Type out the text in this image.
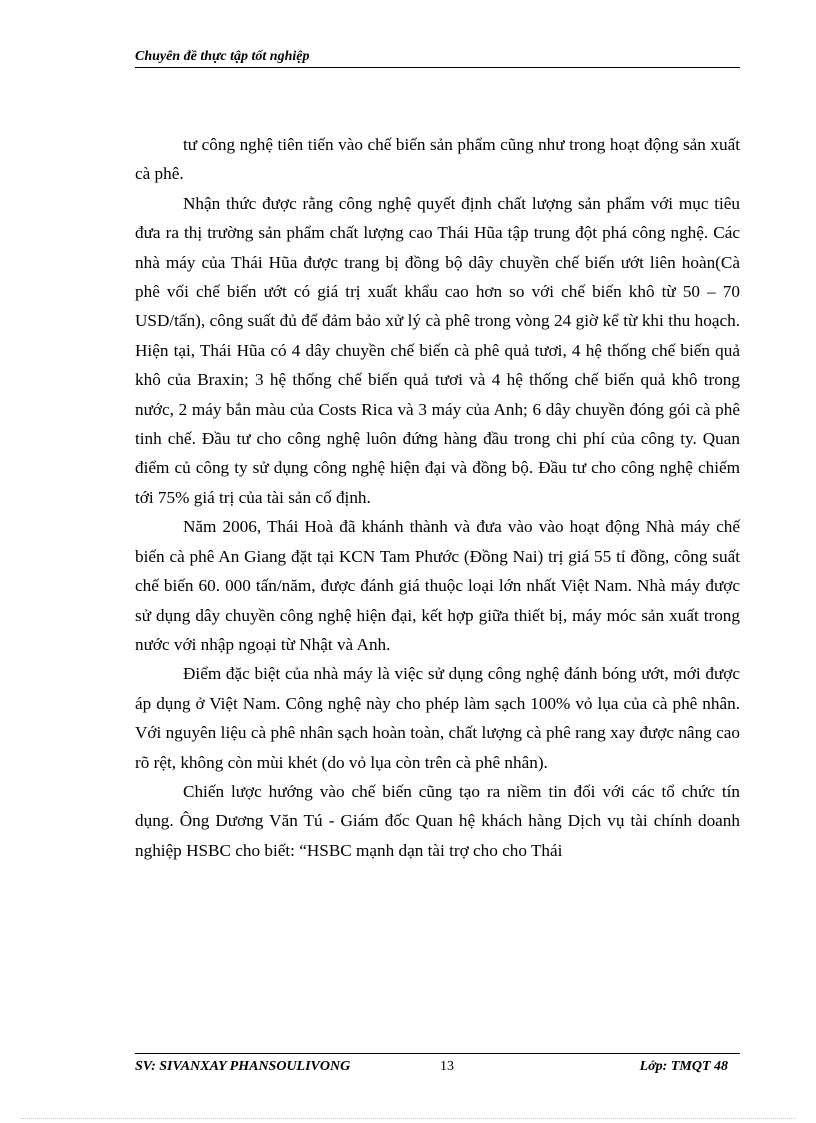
Chuyên đề thực tập tốt nghiệp

tư công nghệ tiên tiến vào chế biến sản phẩm cũng như trong hoạt động sản xuất cà phê.

Nhận thức được rằng công nghệ quyết định chất lượng sản phẩm với mục tiêu đưa ra thị trường sản phẩm chất lượng cao Thái Hũa tập trung đột phá công nghệ. Các nhà máy của Thái Hũa được trang bị đồng bộ dây chuyền chế biến ướt liên hoàn(Cà phê vối chế biến ướt có giá trị xuất khẩu cao hơn so với chế biến khô từ 50 – 70 USD/tấn), công suất đủ để đảm bảo xử lý cà phê trong vòng 24 giờ kể từ khi thu hoạch. Hiện tại, Thái Hũa có 4 dây chuyền chế biến cà phê quả tươi, 4 hệ thống chế biến quả khô của Braxin; 3 hệ thống chế biến quả tươi và 4 hệ thống chế biến quả khô trong nước, 2 máy bắn màu của Costs Rica và 3 máy của Anh; 6 dây chuyền đóng gói cà phê tinh chế. Đầu tư cho công nghệ luôn đứng hàng đầu trong chi phí của công ty. Quan điểm củ công ty sử dụng công nghệ hiện đại và đồng bộ. Đầu tư cho công nghệ chiếm tới 75% giá trị của tài sản cố định.

Năm 2006, Thái Hoà đã khánh thành và đưa vào vào hoạt động Nhà máy chế biến cà phê An Giang đặt tại KCN Tam Phước (Đồng Nai) trị giá 55 tỉ đồng, công suất chế biến 60. 000 tấn/năm, được đánh giá thuộc loại lớn nhất Việt Nam. Nhà máy được sử dụng dây chuyền công nghệ hiện đại, kết hợp giữa thiết bị, máy móc sản xuất trong nước với nhập ngoại từ Nhật và Anh.

Điểm đặc biệt của nhà máy là việc sử dụng công nghệ đánh bóng ướt, mới được áp dụng ở Việt Nam. Công nghệ này cho phép làm sạch 100% vỏ lụa của cà phê nhân. Với nguyên liệu cà phê nhân sạch hoàn toàn, chất lượng cà phê rang xay được nâng cao rõ rệt, không còn mùi khét (do vỏ lụa còn trên cà phê nhân).

Chiến lược hướng vào chế biến cũng tạo ra niềm tin đối với các tổ chức tín dụng. Ông Dương Văn Tú - Giám đốc Quan hệ khách hàng Dịch vụ tài chính doanh nghiệp HSBC cho biết: “HSBC mạnh dạn tài trợ cho cho Thái

SV: SIVANXAY PHANSOULIVONG	13	Lớp: TMQT 48
